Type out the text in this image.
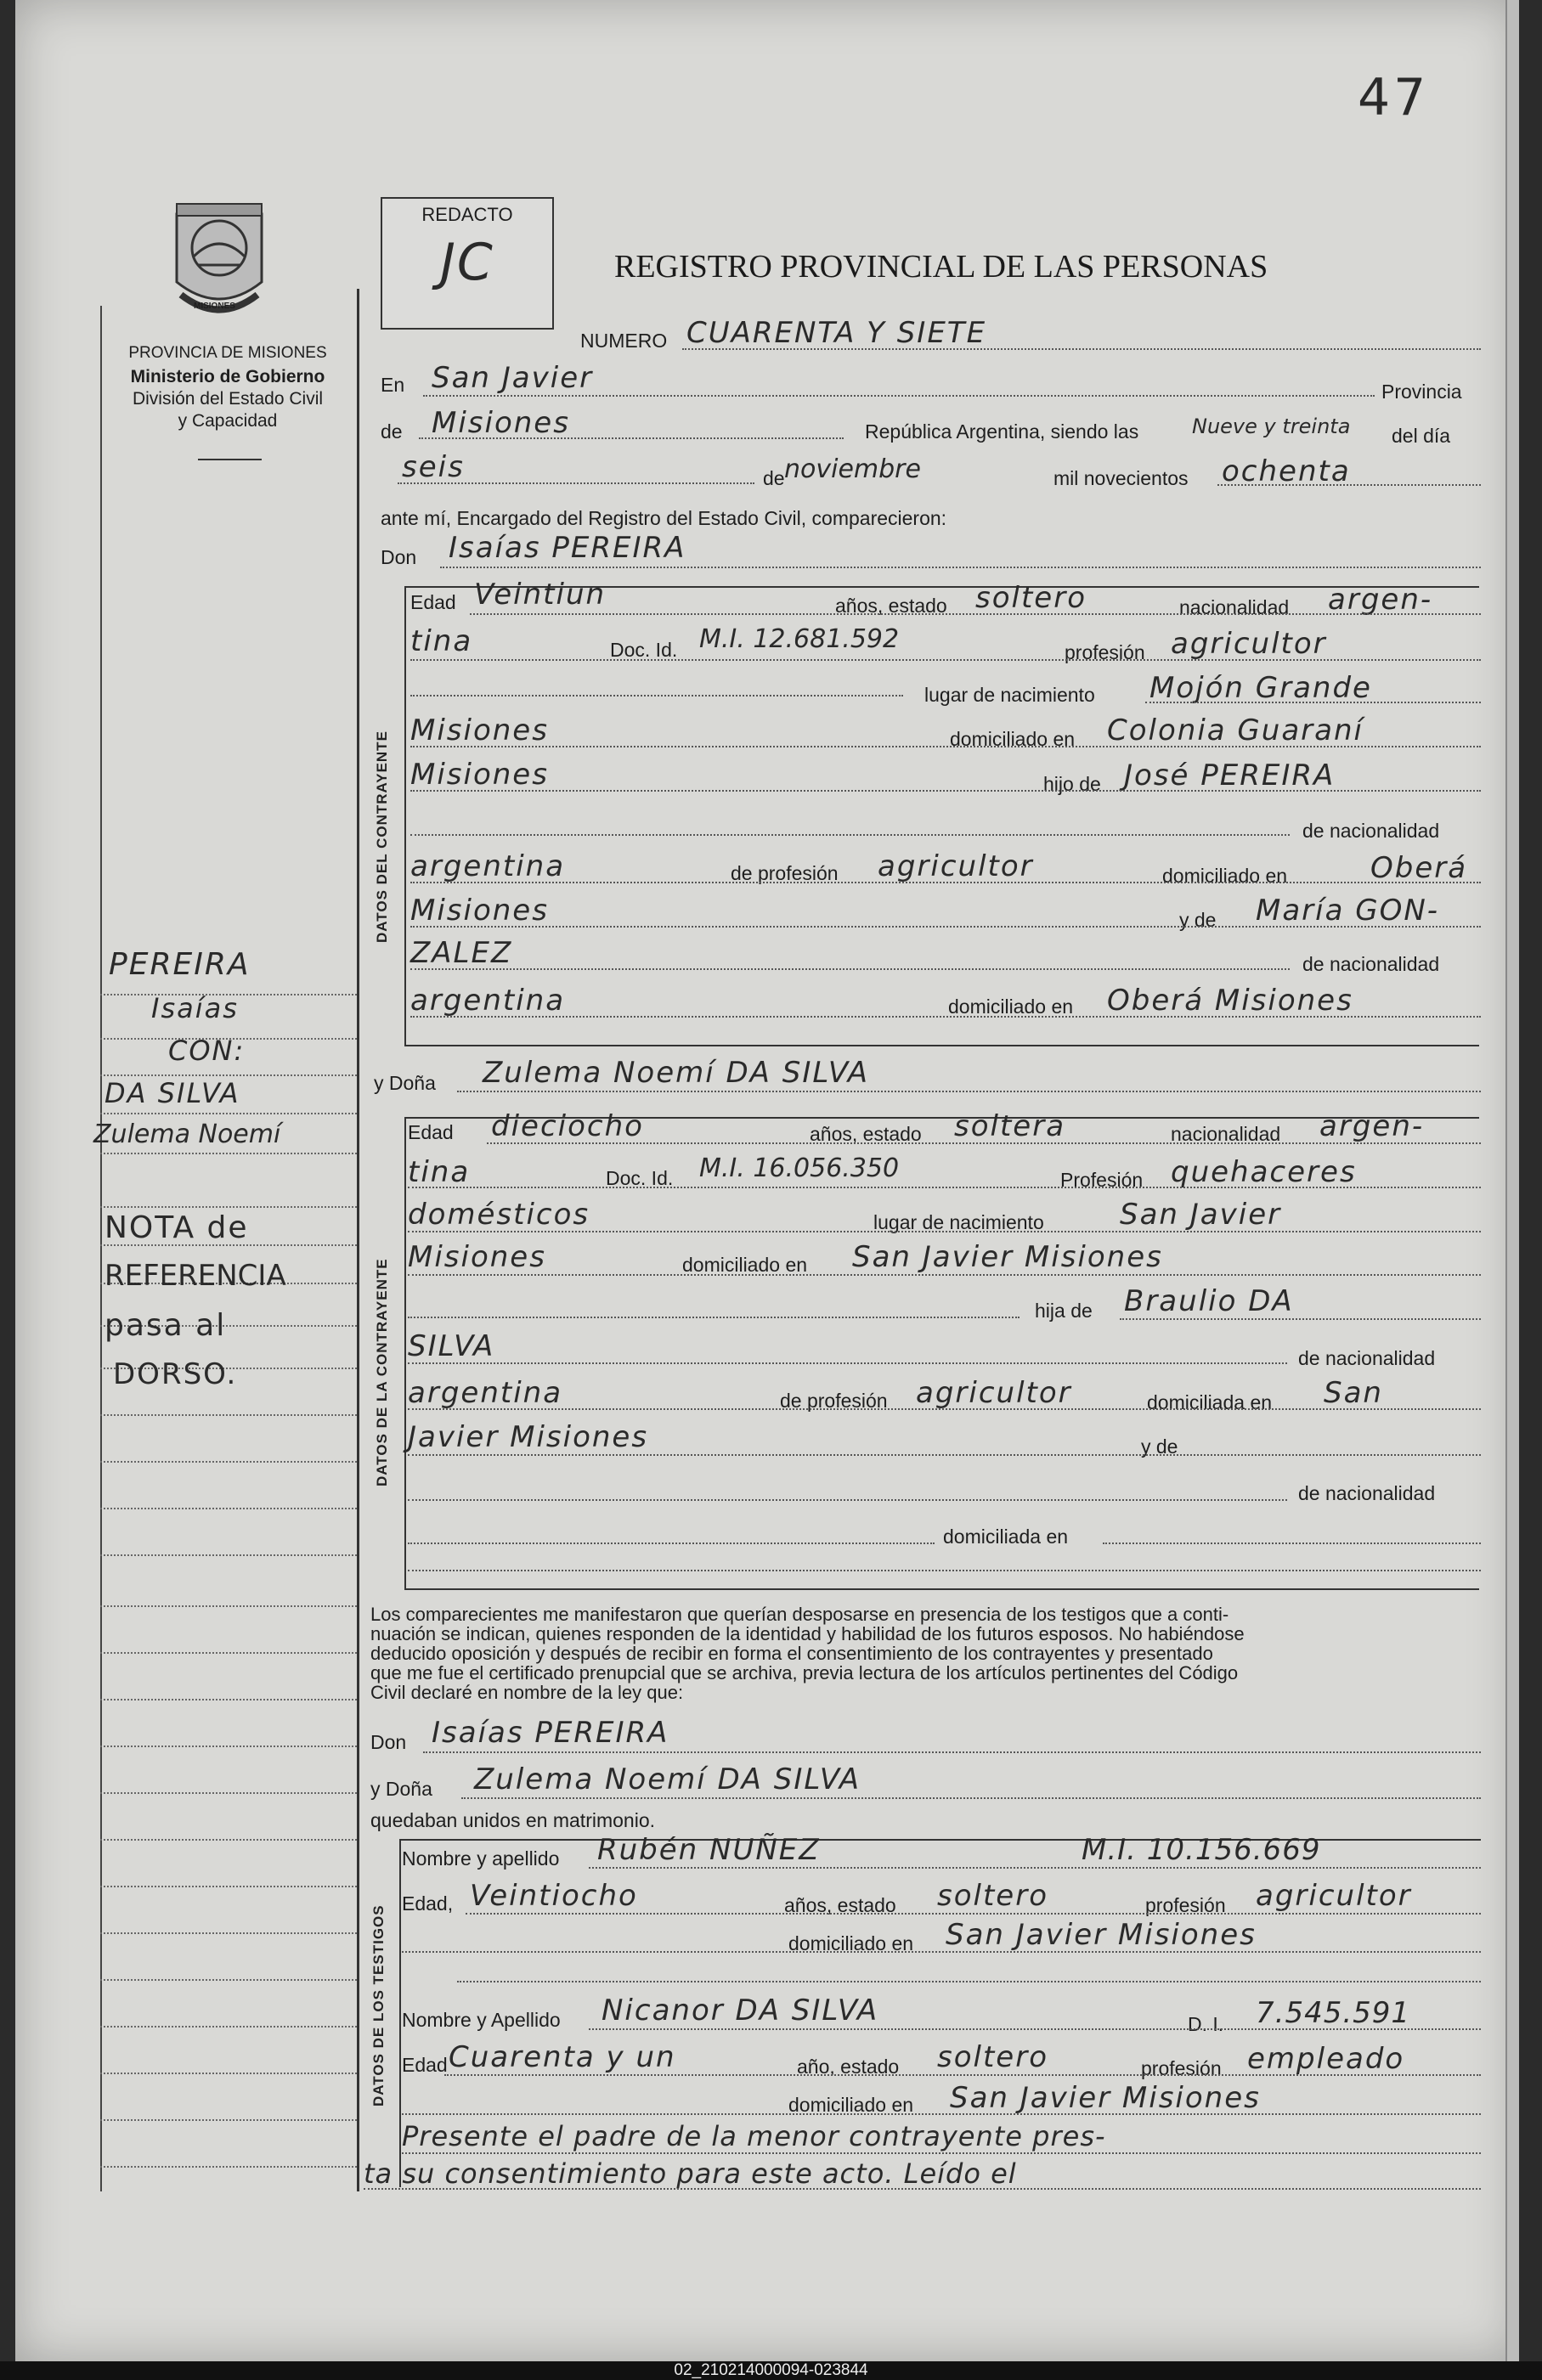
47
MISIONES
PROVINCIA DE MISIONES
Ministerio de Gobierno
División del Estado Civil
y Capacidad
PEREIRA
Isaías
CON:
DA SILVA
Zulema Noemí
NOTA de
REFERENCIA
pasa al
DORSO.
REDACTO
JC	REGISTRO PROVINCIAL DE LAS PERSONAS
NUMERO CUARENTA Y SIETE
En San Javier	Provincia
de Misiones	República Argentina, siendo las	Nueve y treinta del día
seis	de noviembre	mil novecientos ochenta
ante mí, Encargado del Registro del Estado Civil, comparecieron:
Don Isaías PEREIRA
DATOS DEL CONTRAYENTE
Edad Veintiun	años, estado soltero	nacionalidad argen-
tina	Doc. Id. M.I. 12.681.592	profesión agricultor
lugar de nacimiento Mojón Grande
Misiones	domiciliado en Colonia Guaraní
Misiones	hijo de José PEREIRA
de nacionalidad
argentina	de profesión agricultor	domiciliado en	Oberá
Misiones	y de María GON-
ZALEZ	de nacionalidad
argentina	domiciliado en Oberá Misiones
y Doña Zulema Noemí DA SILVA
DATOS DE LA CONTRAYENTE
Edad dieciocho	años, estado soltera	nacionalidad argen-
tina	Doc. Id. M.I. 16.056.350	Profesión quehaceres
domésticos	lugar de nacimiento	San Javier
Misiones	domiciliado en San Javier Misiones
hija de Braulio DA
SILVA	de nacionalidad
argentina	de profesión agricultor	domiciliada en San
Javier Misiones	y de
de nacionalidad
domiciliada en
Los comparecientes me manifestaron que querían desposarse en presencia de los testigos que a conti-
nuación se indican, quienes responden de la identidad y habilidad de los futuros esposos. No habiéndose
deducido oposición y después de recibir en forma el consentimiento de los contrayentes y presentado
que me fue el certificado prenupcial que se archiva, previa lectura de los artículos pertinentes del Código
Civil declaré en nombre de la ley que:
Don Isaías PEREIRA
y Doña Zulema Noemí DA SILVA
quedaban unidos en matrimonio.
DATOS DE LOS TESTIGOS
Nombre y apellido Rubén NUÑEZ	M.I. 10.156.669
Edad, Veintiocho	años, estado soltero	profesión agricultor
domiciliado en San Javier Misiones
Nombre y Apellido Nicanor DA SILVA	D. I. 7.545.591
Edad Cuarenta y un	año, estado soltero	profesión empleado
domiciliado en San Javier Misiones
Presente el padre de la menor contrayente pres-
ta su consentimiento para este acto. Leído el
02_210214000094-023844
